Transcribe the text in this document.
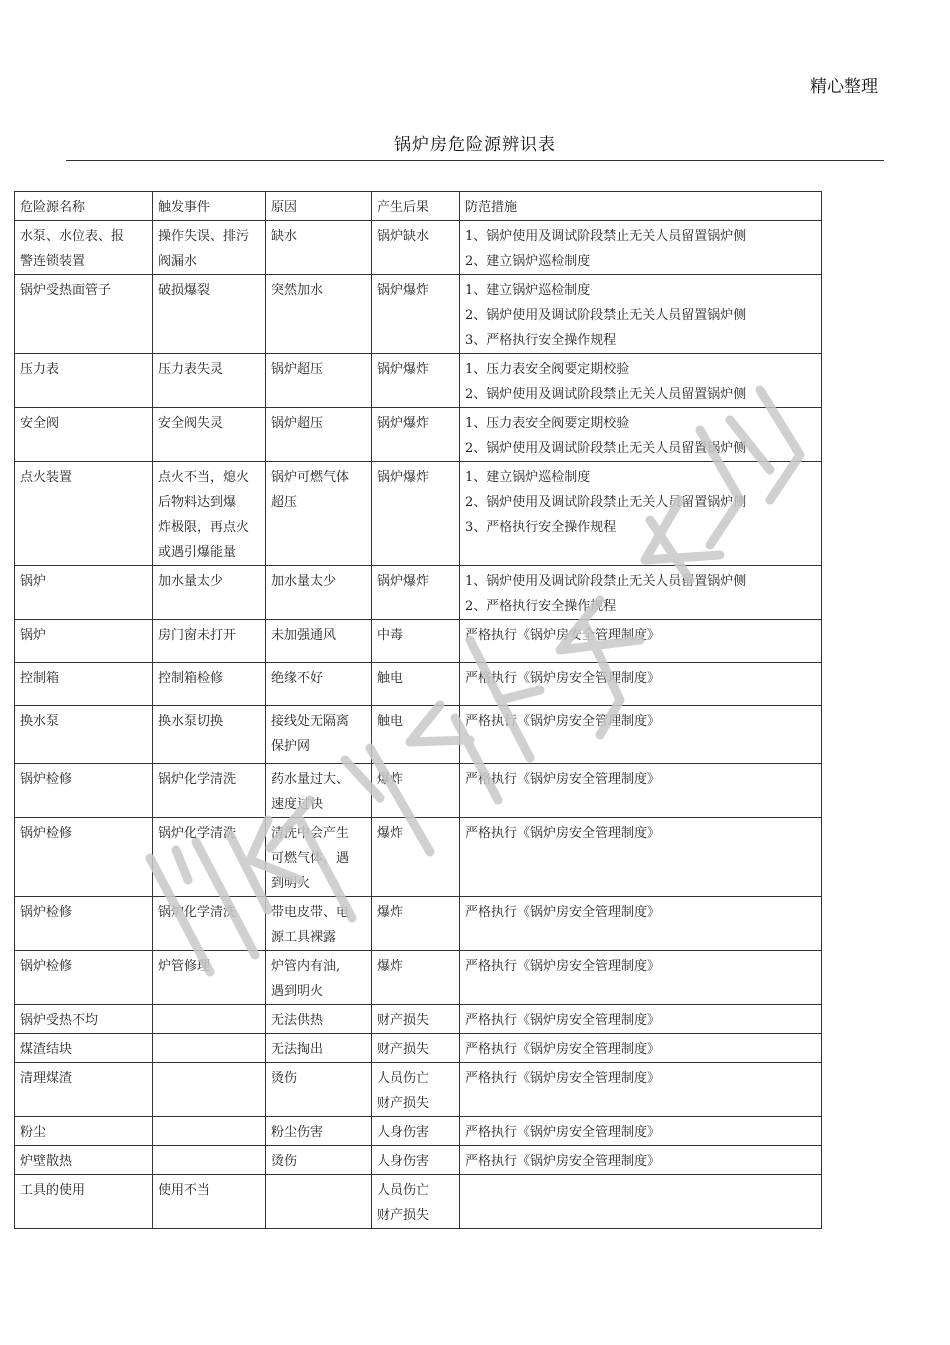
精心整理
锅炉房危险源辨识表
危险源名称	触发事件	原因	产生后果	防范措施

水泵、水位表、报
警连锁装置	操作失误、排污
阀漏水	缺水	锅炉缺水	1、锅炉使用及调试阶段禁止无关人员留置锅炉侧
2、建立锅炉巡检制度

锅炉受热面管子	破损爆裂	突然加水	锅炉爆炸	1、建立锅炉巡检制度
2、锅炉使用及调试阶段禁止无关人员留置锅炉侧
3、严格执行安全操作规程

压力表	压力表失灵	锅炉超压	锅炉爆炸	1、压力表安全阀要定期校验
2、锅炉使用及调试阶段禁止无关人员留置锅炉侧

安全阀	安全阀失灵	锅炉超压	锅炉爆炸	1、压力表安全阀要定期校验
2、锅炉使用及调试阶段禁止无关人员留置锅炉侧

点火装置	点火不当，熄火
后物料达到爆
炸极限，再点火
或遇引爆能量	锅炉可燃气体
超压	锅炉爆炸	1、建立锅炉巡检制度
2、锅炉使用及调试阶段禁止无关人员留置锅炉侧
3、严格执行安全操作规程

锅炉	加水量太少	加水量太少	锅炉爆炸	1、锅炉使用及调试阶段禁止无关人员留置锅炉侧
2、严格执行安全操作规程

锅炉	房门窗未打开	未加强通风	中毒	严格执行《锅炉房安全管理制度》

控制箱	控制箱检修	绝缘不好	触电	严格执行《锅炉房安全管理制度》

换水泵	换水泵切换	接线处无隔离
保护网	触电	严格执行《锅炉房安全管理制度》

锅炉检修	锅炉化学清洗	药水量过大、
速度过快	爆炸	严格执行《锅炉房安全管理制度》

锅炉检修	锅炉化学清洗	清洗中会产生
可燃气体，遇
到明火	爆炸	严格执行《锅炉房安全管理制度》

锅炉检修	锅炉化学清洗	带电皮带、电
源工具裸露	爆炸	严格执行《锅炉房安全管理制度》

锅炉检修	炉管修理	炉管内有油,
遇到明火	爆炸	严格执行《锅炉房安全管理制度》

锅炉受热不均		无法供热	财产损失	严格执行《锅炉房安全管理制度》

煤渣结块		无法掏出	财产损失	严格执行《锅炉房安全管理制度》

清理煤渣		烫伤	人员伤亡
财产损失	严格执行《锅炉房安全管理制度》

粉尘		粉尘伤害	人身伤害	严格执行《锅炉房安全管理制度》

炉壁散热		烫伤	人身伤害	严格执行《锅炉房安全管理制度》

工具的使用	使用不当		人员伤亡
财产损失	
